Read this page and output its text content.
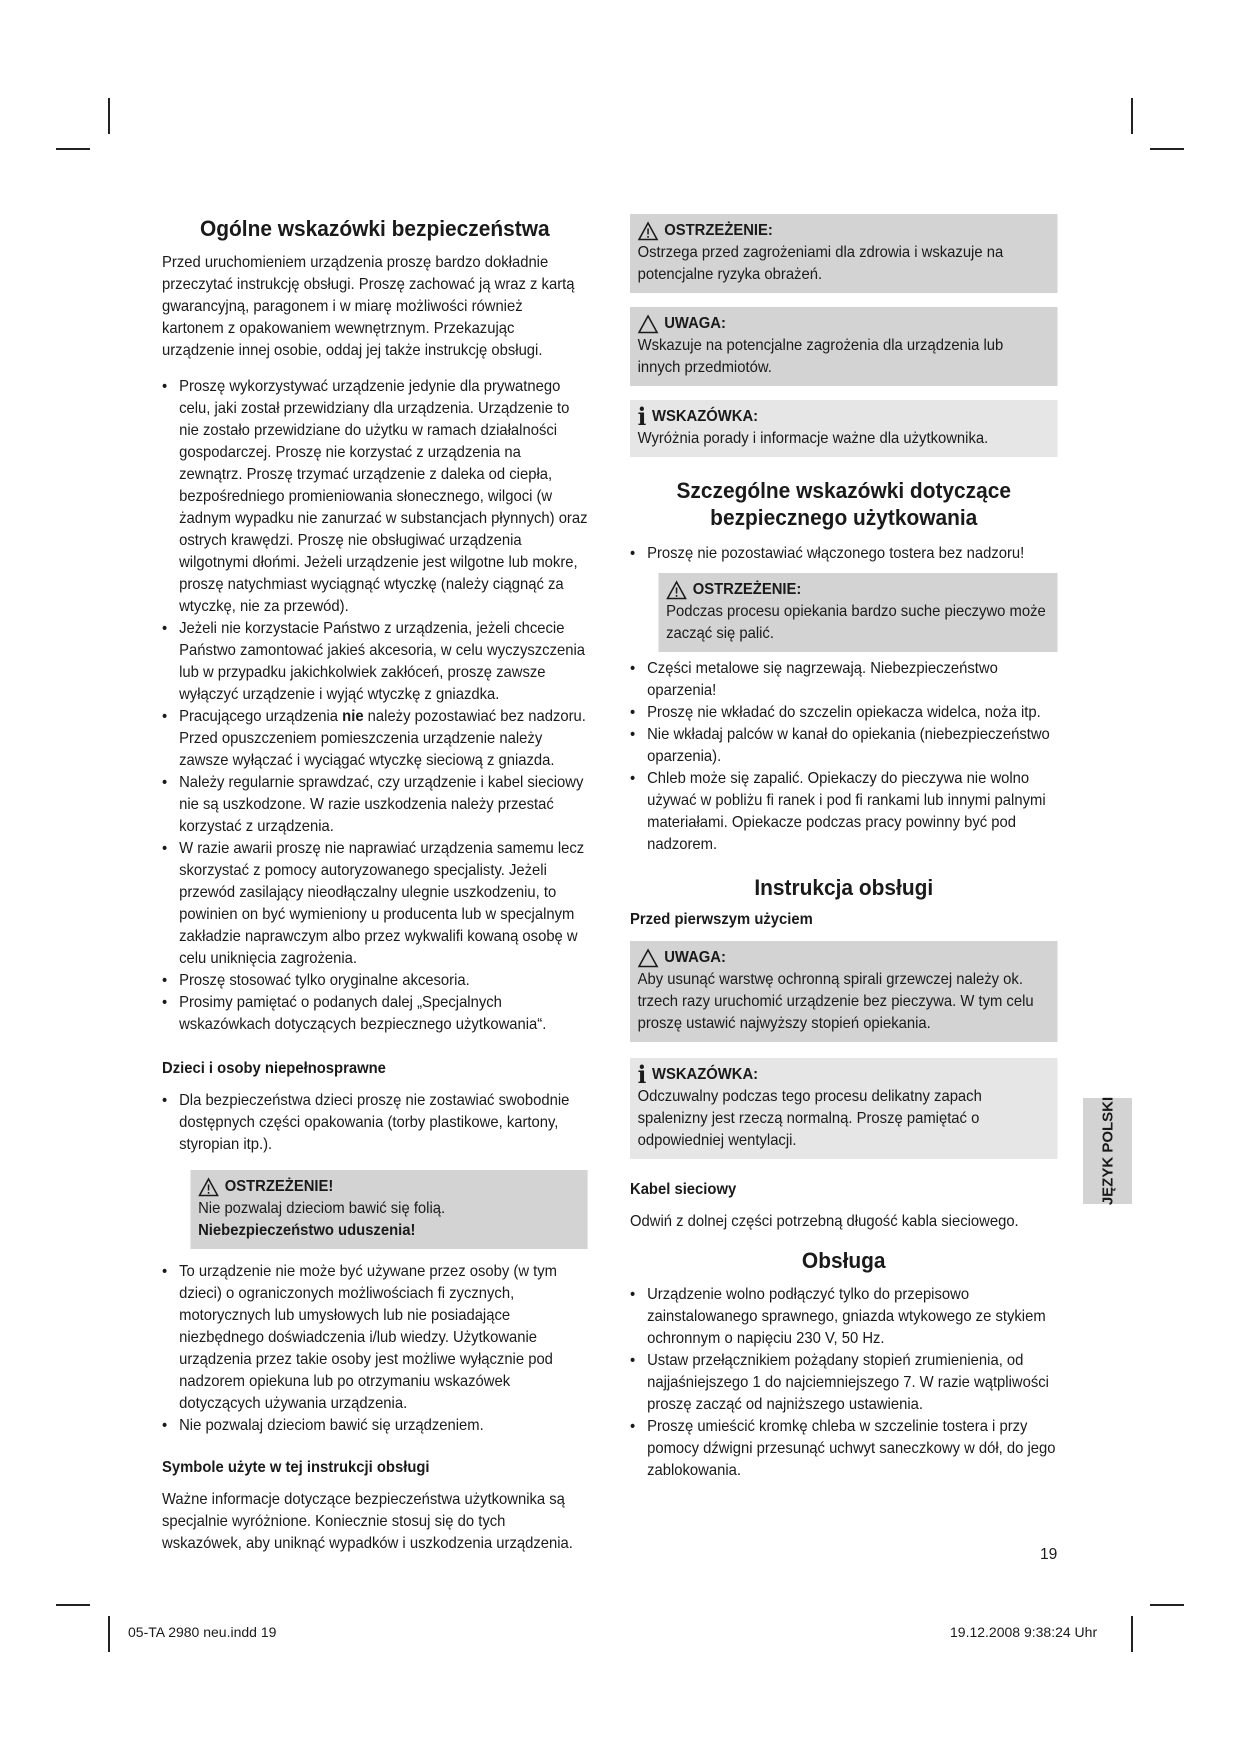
Ogólne wskazówki bezpieczeństwa

Przed uruchomieniem urządzenia proszę bardzo dokładnie przeczytać instrukcję obsługi. Proszę zachować ją wraz z kartą gwarancyjną, paragonem i w miarę możliwości również kartonem z opakowaniem wewnętrznym. Przekazując urządzenie innej osobie, oddaj jej także instrukcję obsługi.

• Proszę wykorzystywać urządzenie jedynie dla prywatnego celu, jaki został przewidziany dla urządzenia. Urządzenie to nie zostało przewidziane do użytku w ramach działalności gospodarczej. Proszę nie korzystać z urządzenia na zewnątrz. Proszę trzymać urządzenie z daleka od ciepła, bezpośredniego promieniowania słonecznego, wilgoci (w żadnym wypadku nie zanurzać w substancjach płynnych) oraz ostrych krawędzi. Proszę nie obsługiwać urządzenia wilgotnymi dłońmi. Jeżeli urządzenie jest wilgotne lub mokre, proszę natychmiast wyciągnąć wtyczkę (należy ciągnąć za wtyczkę, nie za przewód).
• Jeżeli nie korzystacie Państwo z urządzenia, jeżeli chcecie Państwo zamontować jakieś akcesoria, w celu wyczyszczenia lub w przypadku jakichkolwiek zakłóceń, proszę zawsze wyłączyć urządzenie i wyjąć wtyczkę z gniazdka.
• Pracującego urządzenia nie należy pozostawiać bez nadzoru. Przed opuszczeniem pomieszczenia urządzenie należy zawsze wyłączać i wyciągać wtyczkę sieciową z gniazda.
• Należy regularnie sprawdzać, czy urządzenie i kabel sieciowy nie są uszkodzone. W razie uszkodzenia należy przestać korzystać z urządzenia.
• W razie awarii proszę nie naprawiać urządzenia samemu lecz skorzystać z pomocy autoryzowanego specjalisty. Jeżeli przewód zasilający nieodłączalny ulegnie uszkodzeniu, to powinien on być wymieniony u producenta lub w specjalnym zakładzie naprawczym albo przez wykwalifi kowaną osobę w celu uniknięcia zagrożenia.
• Proszę stosować tylko oryginalne akcesoria.
• Prosimy pamiętać o podanych dalej „Specjalnych wskazówkach dotyczących bezpiecznego użytkowania“.
Dzieci i osoby niepełnosprawne
• Dla bezpieczeństwa dzieci proszę nie zostawiać swobodnie dostępnych części opakowania (torby plastikowe, kartony, styropian itp.).
OSTRZEŻENIE!
Nie pozwalaj dzieciom bawić się folią.
Niebezpieczeństwo uduszenia!
• To urządzenie nie może być używane przez osoby (w tym dzieci) o ograniczonych możliwościach fi zycznych, motorycznych lub umysłowych lub nie posiadające niezbędnego doświadczenia i/lub wiedzy. Użytkowanie urządzenia przez takie osoby jest możliwe wyłącznie pod nadzorem opiekuna lub po otrzymaniu wskazówek dotyczących używania urządzenia.
• Nie pozwalaj dzieciom bawić się urządzeniem.
Symbole użyte w tej instrukcji obsługi

Ważne informacje dotyczące bezpieczeństwa użytkownika są specjalnie wyróżnione. Koniecznie stosuj się do tych wskazówek, aby uniknąć wypadków i uszkodzenia urządzenia.

OSTRZEŻENIE:
Ostrzega przed zagrożeniami dla zdrowia i wskazuje na potencjalne ryzyka obrażeń.
UWAGA:
Wskazuje na potencjalne zagrożenia dla urządzenia lub innych przedmiotów.
i WSKAZÓWKA:
Wyróżnia porady i informacje ważne dla użytkownika.
Szczególne wskazówki dotyczące
bezpiecznego użytkowania
• Proszę nie pozostawiać włączonego tostera bez nadzoru!
OSTRZEŻENIE:
Podczas procesu opiekania bardzo suche pieczywo może zacząć się palić.
• Części metalowe się nagrzewają. Niebezpieczeństwo oparzenia!
• Proszę nie wkładać do szczelin opiekacza widelca, noża itp.
• Nie wkładaj palców w kanał do opiekania (niebezpieczeństwo oparzenia).
• Chleb może się zapalić. Opiekaczy do pieczywa nie wolno używać w pobliżu fi ranek i pod fi rankami lub innymi palnymi materiałami. Opiekacze podczas pracy powinny być pod nadzorem.
Instrukcja obsługi
Przed pierwszym użyciem
UWAGA:
Aby usunąć warstwę ochronną spirali grzewczej należy ok. trzech razy uruchomić urządzenie bez pieczywa. W tym celu proszę ustawić najwyższy stopień opiekania.
i WSKAZÓWKA:
Odczuwalny podczas tego procesu delikatny zapach spalenizny jest rzeczą normalną. Proszę pamiętać o odpowiedniej wentylacji.
Kabel sieciowy

Odwiń z dolnej części potrzebną długość kabla sieciowego.

Obsługa
• Urządzenie wolno podłączyć tylko do przepisowo zainstalowanego sprawnego, gniazda wtykowego ze stykiem ochronnym o napięciu 230 V, 50 Hz.
• Ustaw przełącznikiem pożądany stopień zrumienienia, od najjaśniejszego 1 do najciemniejszego 7. W razie wątpliwości proszę zacząć od najniższego ustawienia.
• Proszę umieścić kromkę chleba w szczelinie tostera i przy pomocy dźwigni przesunąć uchwyt saneczkowy w dół, do jego zablokowania.
JĘZYK POLSKI
19
05-TA 2980 neu.indd 19	19.12.2008 9:38:24 Uhr
